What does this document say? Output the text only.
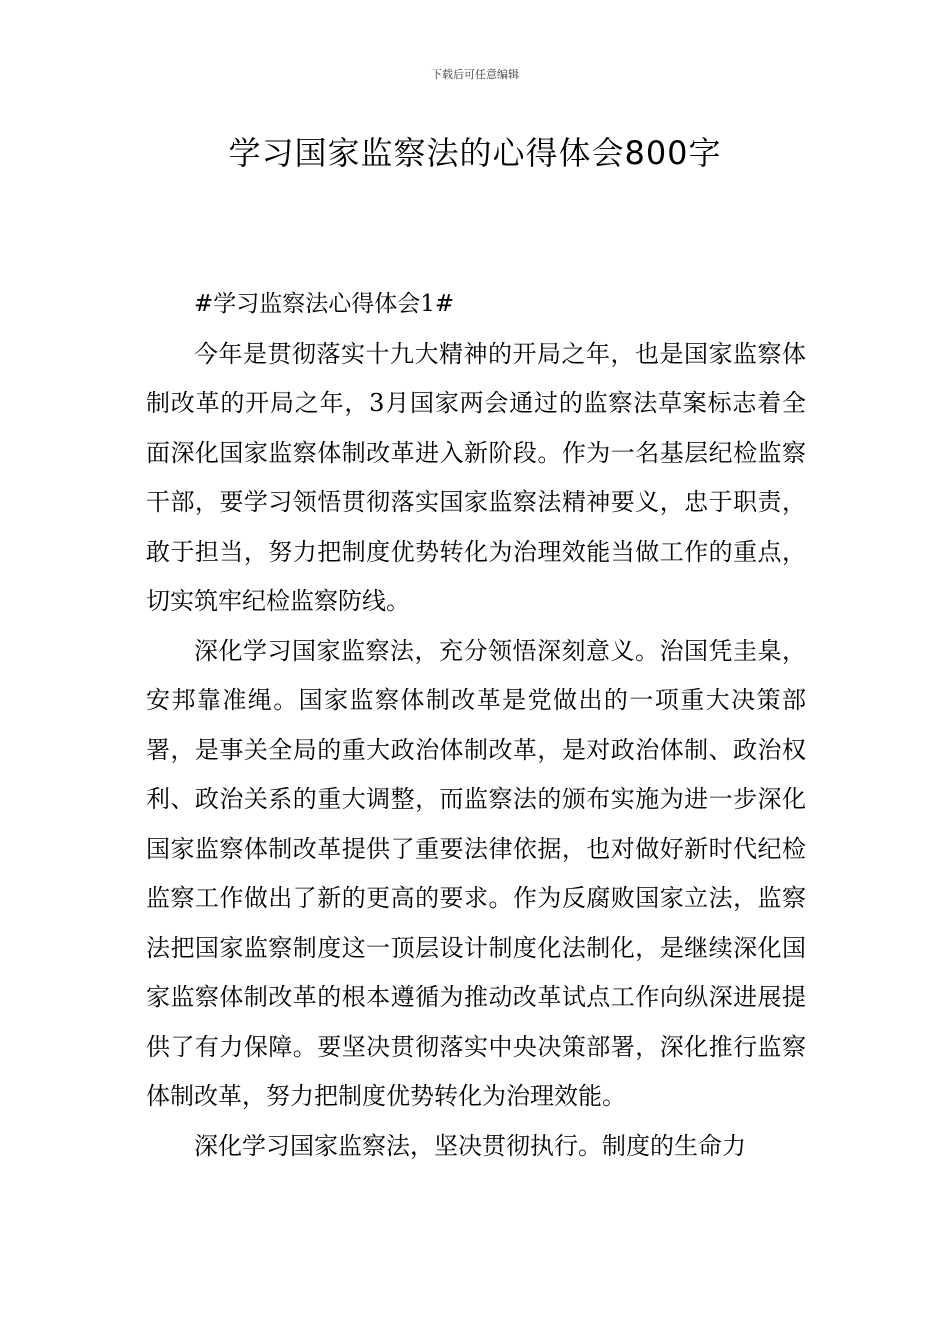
下载后可任意编辑
学习国家监察法的心得体会800字

#学习监察法心得体会1#

今年是贯彻落实十九大精神的开局之年，也是国家监察体制改革的开局之年，3月国家两会通过的监察法草案标志着全面深化国家监察体制改革进入新阶段。作为一名基层纪检监察干部，要学习领悟贯彻落实国家监察法精神要义，忠于职责，敢于担当，努力把制度优势转化为治理效能当做工作的重点，切实筑牢纪检监察防线。

深化学习国家监察法，充分领悟深刻意义。治国凭圭臬，安邦靠准绳。国家监察体制改革是党做出的一项重大决策部署，是事关全局的重大政治体制改革，是对政治体制、政治权利、政治关系的重大调整，而监察法的颁布实施为进一步深化国家监察体制改革提供了重要法律依据，也对做好新时代纪检监察工作做出了新的更高的要求。作为反腐败国家立法，监察法把国家监察制度这一顶层设计制度化法制化，是继续深化国家监察体制改革的根本遵循为推动改革试点工作向纵深进展提供了有力保障。要坚决贯彻落实中央决策部署，深化推行监察体制改革，努力把制度优势转化为治理效能。

深化学习国家监察法，坚决贯彻执行。制度的生命力
